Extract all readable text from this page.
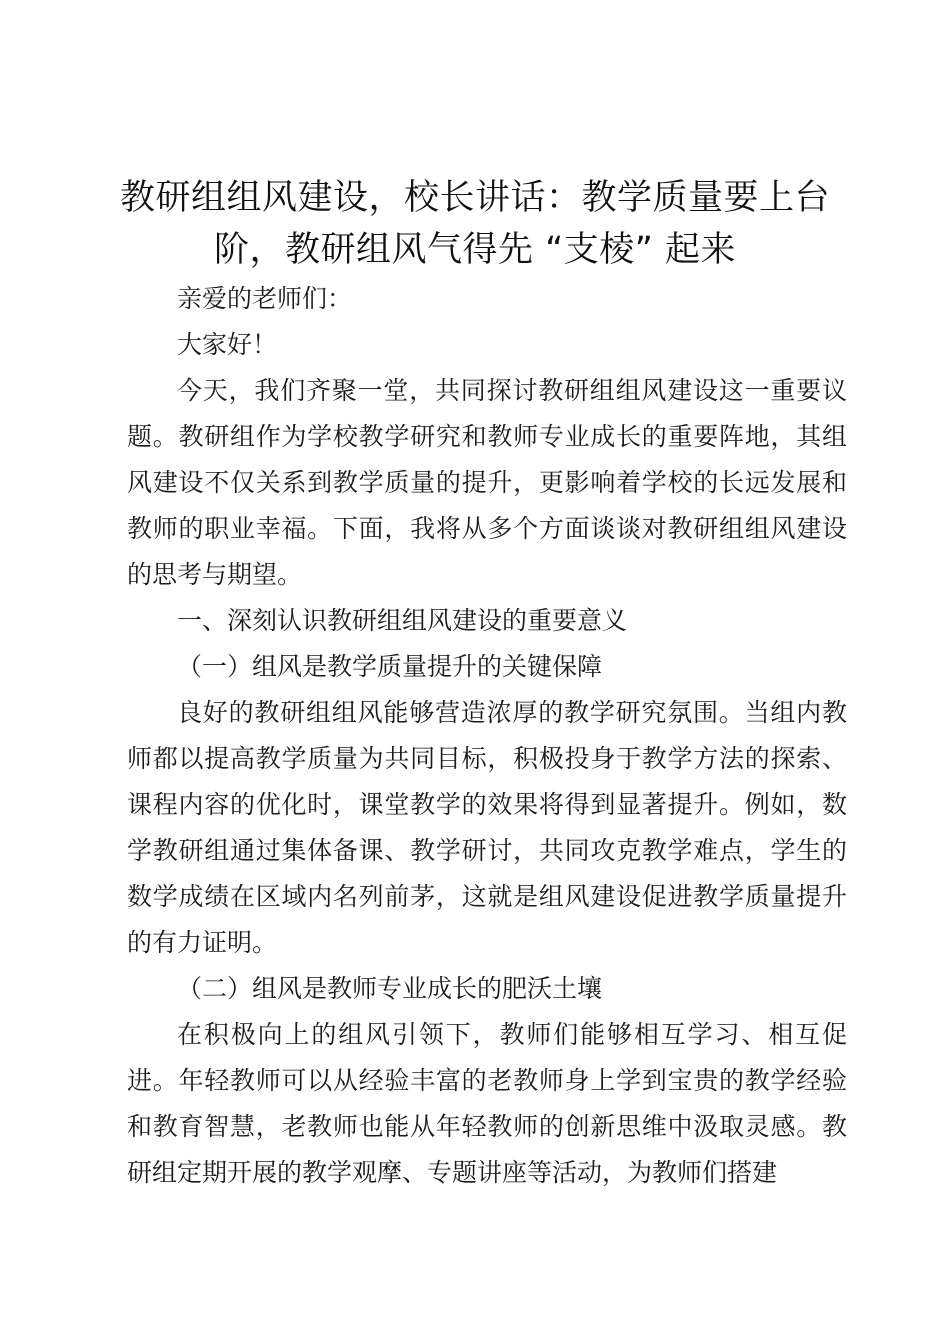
教研组组风建设，校长讲话：教学质量要上台
阶，教研组风气得先 “支棱” 起来

亲爱的老师们：

大家好！

今天，我们齐聚一堂，共同探讨教研组组风建设这一重要议题。教研组作为学校教学研究和教师专业成长的重要阵地，其组风建设不仅关系到教学质量的提升，更影响着学校的长远发展和教师的职业幸福。下面，我将从多个方面谈谈对教研组组风建设的思考与期望。

一、深刻认识教研组组风建设的重要意义

（一）组风是教学质量提升的关键保障

良好的教研组组风能够营造浓厚的教学研究氛围。当组内教师都以提高教学质量为共同目标，积极投身于教学方法的探索、课程内容的优化时，课堂教学的效果将得到显著提升。例如，数学教研组通过集体备课、教学研讨，共同攻克教学难点，学生的数学成绩在区域内名列前茅，这就是组风建设促进教学质量提升的有力证明。

（二）组风是教师专业成长的肥沃土壤

在积极向上的组风引领下，教师们能够相互学习、相互促进。年轻教师可以从经验丰富的老教师身上学到宝贵的教学经验和教育智慧，老教师也能从年轻教师的创新思维中汲取灵感。教研组定期开展的教学观摩、专题讲座等活动，为教师们搭建
